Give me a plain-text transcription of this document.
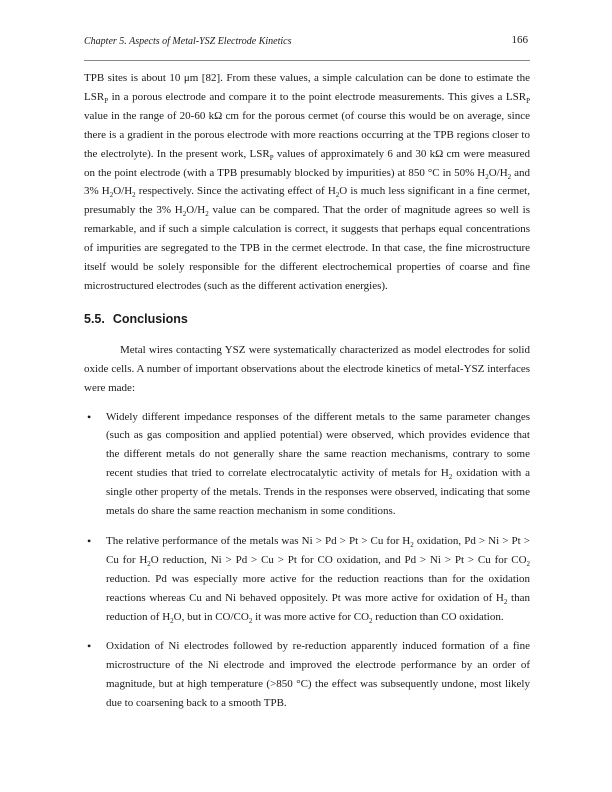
Chapter 5. Aspects of Metal-YSZ Electrode Kinetics	166

TPB sites is about 10 μm [82]. From these values, a simple calculation can be done to estimate the $LSR_P$ in a porous electrode and compare it to the point electrode measurements. This gives a $LSR_P$ value in the range of 20-60 kΩ cm for the porous cermet (of course this would be on average, since there is a gradient in the porous electrode with more reactions occurring at the TPB regions closer to the electrolyte). In the present work, $LSR_P$ values of approximately 6 and 30 kΩ cm were measured on the point electrode (with a TPB presumably blocked by impurities) at 850 °C in 50% $H_2O/H_2$ and 3% $H_2O/H_2$ respectively. Since the activating effect of $H_2O$ is much less significant in a fine cermet, presumably the 3% $H_2O/H_2$ value can be compared. That the order of magnitude agrees so well is remarkable, and if such a simple calculation is correct, it suggests that perhaps equal concentrations of impurities are segregated to the TPB in the cermet electrode. In that case, the fine microstructure itself would be solely responsible for the different electrochemical properties of coarse and fine microstructured electrodes (such as the different activation energies).

5.5. Conclusions

Metal wires contacting YSZ were systematically characterized as model electrodes for solid oxide cells. A number of important observations about the electrode kinetics of metal-YSZ interfaces were made:

• Widely different impedance responses of the different metals to the same parameter changes (such as gas composition and applied potential) were observed, which provides evidence that the different metals do not generally share the same reaction mechanisms, contrary to some recent studies that tried to correlate electrocatalytic activity of metals for $H_2$ oxidation with a single other property of the metals. Trends in the responses were observed, indicating that some metals do share the same reaction mechanism in some conditions.
• The relative performance of the metals was Ni > Pd > Pt > Cu for $H_2$ oxidation, Pd > Ni > Pt > Cu for $H_2O$ reduction, Ni > Pd > Cu > Pt for CO oxidation, and Pd > Ni > Pt > Cu for $CO_2$ reduction. Pd was especially more active for the reduction reactions than for the oxidation reactions whereas Cu and Ni behaved oppositely. Pt was more active for oxidation of $H_2$ than reduction of $H_2O$, but in $CO/CO_2$ it was more active for $CO_2$ reduction than CO oxidation.
• Oxidation of Ni electrodes followed by re-reduction apparently induced formation of a fine microstructure of the Ni electrode and improved the electrode performance by an order of magnitude, but at high temperature (>850 °C) the effect was subsequently undone, most likely due to coarsening back to a smooth TPB.
